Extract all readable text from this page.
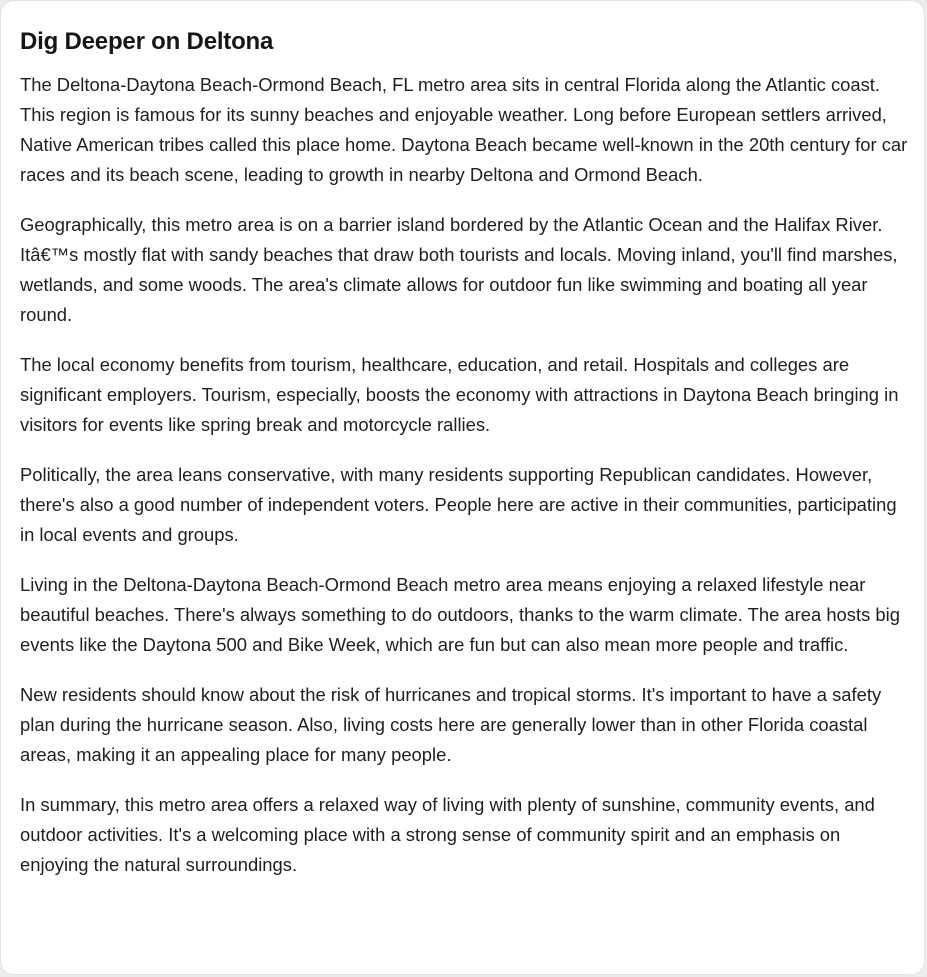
Dig Deeper on Deltona

The Deltona-Daytona Beach-Ormond Beach, FL metro area sits in central Florida along the Atlantic coast. This region is famous for its sunny beaches and enjoyable weather. Long before European settlers arrived, Native American tribes called this place home. Daytona Beach became well-known in the 20th century for car races and its beach scene, leading to growth in nearby Deltona and Ormond Beach.

Geographically, this metro area is on a barrier island bordered by the Atlantic Ocean and the Halifax River. Itâ€™s mostly flat with sandy beaches that draw both tourists and locals. Moving inland, you'll find marshes, wetlands, and some woods. The area's climate allows for outdoor fun like swimming and boating all year round.

The local economy benefits from tourism, healthcare, education, and retail. Hospitals and colleges are significant employers. Tourism, especially, boosts the economy with attractions in Daytona Beach bringing in visitors for events like spring break and motorcycle rallies.

Politically, the area leans conservative, with many residents supporting Republican candidates. However, there's also a good number of independent voters. People here are active in their communities, participating in local events and groups.

Living in the Deltona-Daytona Beach-Ormond Beach metro area means enjoying a relaxed lifestyle near beautiful beaches. There's always something to do outdoors, thanks to the warm climate. The area hosts big events like the Daytona 500 and Bike Week, which are fun but can also mean more people and traffic.

New residents should know about the risk of hurricanes and tropical storms. It's important to have a safety plan during the hurricane season. Also, living costs here are generally lower than in other Florida coastal areas, making it an appealing place for many people.

In summary, this metro area offers a relaxed way of living with plenty of sunshine, community events, and outdoor activities. It's a welcoming place with a strong sense of community spirit and an emphasis on enjoying the natural surroundings.
